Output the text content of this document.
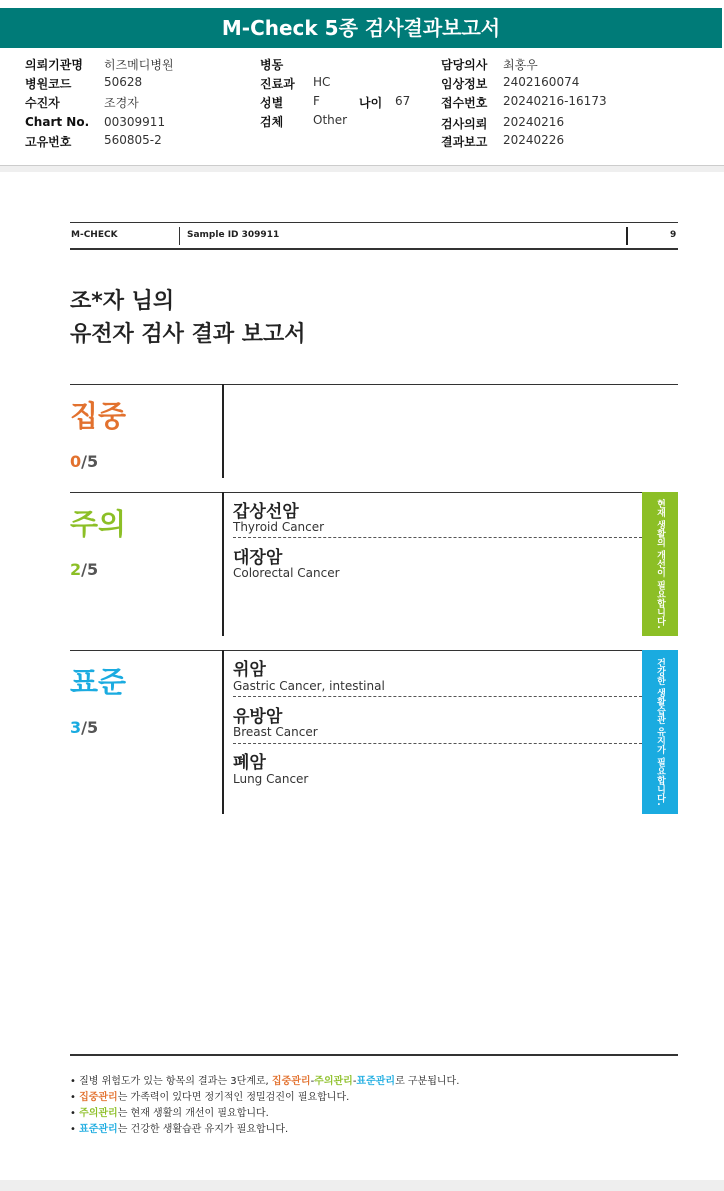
M-Check 5종 검사결과보고서
의뢰기관명 히즈메디병원
병원코드	50628
수진자	조경자
Chart No. 00309911
고유번호	560805-2
병동
진료과 HC
성별 F	나이 67
검체 Other
담당의사 최홍우
임상정보 2402160074
접수번호 20240216-16173
검사의뢰 20240216
결과보고 20240226
M-CHECK	Sample ID 309911	9
조*자 님의
유전자 검사 결과 보고서
집중
0/5
주의
2/5
갑상선암
Thyroid Cancer
대장암
Colorectal Cancer	현재 생활의 개선이 필요합니다.
표준
3/5
위암
Gastric Cancer, intestinal
유방암
Breast Cancer
폐암
Lung Cancer	건강한 생활습관 유지가 필요합니다.
• 질병 위험도가 있는 항목의 결과는 3단계로, 집중관리-주의관리-표준관리로 구분됩니다.
• 집중관리는 가족력이 있다면 정기적인 정밀검진이 필요합니다.
• 주의관리는 현재 생활의 개선이 필요합니다.
• 표준관리는 건강한 생활습관 유지가 필요합니다.
